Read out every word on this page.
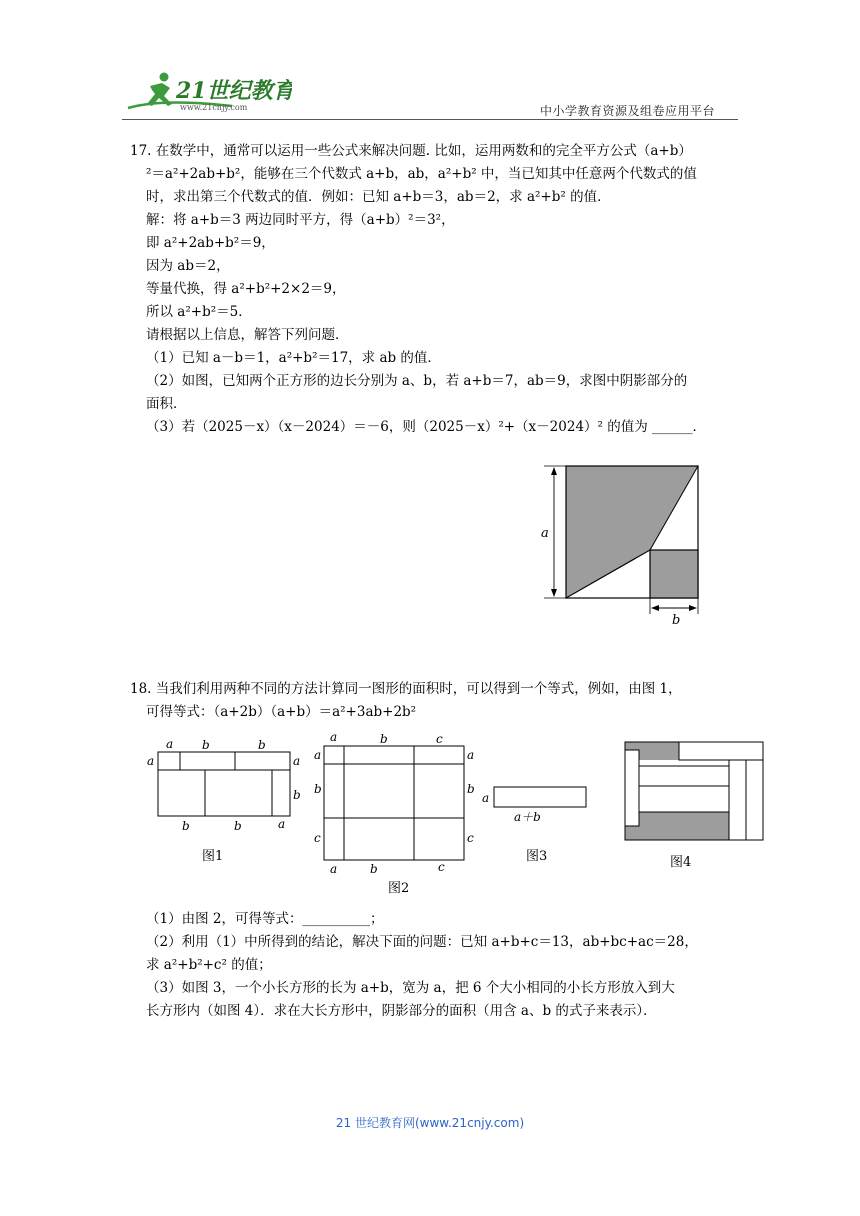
21世纪教育
www.21cnjy.com	中小学教育资源及组卷应用平台

17. 在数学中，通常可以运用一些公式来解决问题. 比如，运用两数和的完全平方公式（a+b）

²＝a²+2ab+b²，能够在三个代数式 a+b，ab，a²+b² 中，当已知其中任意两个代数式的值

时，求出第三个代数式的值．例如：已知 a+b＝3，ab＝2，求 a²+b² 的值．

解：将 a+b＝3 两边同时平方，得（a+b）²＝3²，

即 a²+2ab+b²＝9，

因为 ab＝2，

等量代换，得 a²+b²+2×2＝9，

所以 a²+b²＝5．

请根据以上信息，解答下列问题．

（1）已知 a－b＝1，a²+b²＝17，求 ab 的值．

（2）如图，已知两个正方形的边长分别为 a、b，若 a+b＝7，ab＝9，求图中阴影部分的

面积．

（3）若（2025－x）（x－2024）＝－6，则（2025－x）²+（x－2024）² 的值为 ______．

a
b

18. 当我们利用两种不同的方法计算同一图形的面积时，可以得到一个等式，例如，由图 1，

可得等式：（a+2b）（a+b）＝a²+3ab+2b²

a b	b
a	a
b
b	b	a
图1
a	b	c
a
b
c
a
b
c
a	b	c
图2
a
a＋b
图3	图4

（1）由图 2，可得等式：__________；

（2）利用（1）中所得到的结论，解决下面的问题：已知 a+b+c＝13，ab+bc+ac＝28，

求 a²+b²+c² 的值；

（3）如图 3，一个小长方形的长为 a+b，宽为 a，把 6 个大小相同的小长方形放入到大

长方形内（如图 4）．求在大长方形中，阴影部分的面积（用含 a、b 的式子来表示）．

21 世纪教育网(www.21cnjy.com)
